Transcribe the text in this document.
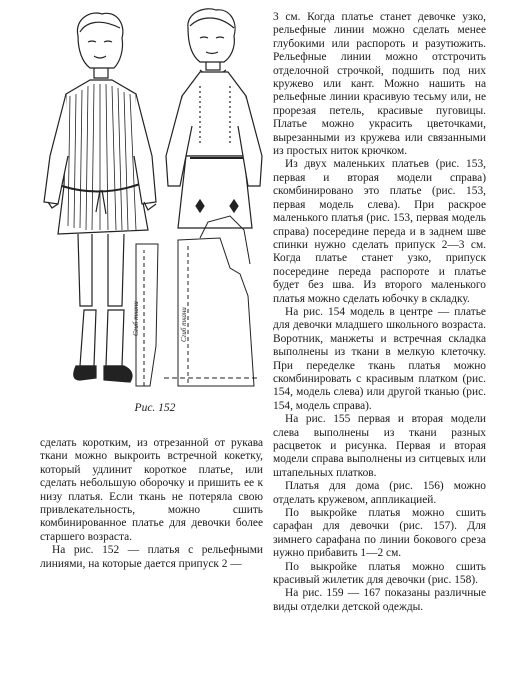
Сгиб ткани	Сгиб ткани
Рис. 152

3 см. Когда платье станет девочке узко, рельефные линии можно сделать менее глубокими или распороть и разутюжить. Рельефные линии можно отстрочить отделочной строчкой, подшить под них кружево или кант. Можно нашить на рельефные линии красивую тесьму или, не прорезая петель, красивые пуговицы. Платье можно украсить цветочками, вырезанными из кружева или связанными из простых ниток крючком.

Из двух маленьких платьев (рис. 153, первая и вторая модели справа) скомбинировано это платье (рис. 153, первая модель слева). При раскрое маленького платья (рис. 153, первая модель справа) посередине переда и в заднем шве спинки нужно сделать припуск 2—3 см. Когда платье станет узко, припуск посередине переда распороте и платье будет без шва. Из второго маленького платья можно сделать юбочку в складку.

На рис. 154 модель в центре — платье для девочки младшего школьного возраста. Воротник, манжеты и встречная складка выполнены из ткани в мелкую клеточку. При переделке ткань платья можно скомбинировать с красивым платком (рис. 154, модель слева) или другой тканью (рис. 154, модель справа).

На рис. 155 первая и вторая модели слева выполнены из ткани разных расцветок и рисунка. Первая и вторая модели справа выполнены из ситцевых или штапельных платков.

Платья для дома (рис. 156) можно отделать кружевом, аппликацией.

По выкройке платья можно сшить сарафан для девочки (рис. 157). Для зимнего сарафана по линии бокового среза нужно прибавить 1—2 см.

По выкройке платья можно сшить красивый жилетик для девочки (рис. 158).

На рис. 159 — 167 показаны различные виды отделки детской одежды.

сделать коротким, из отрезанной от рукава ткани можно выкроить встречной кокетку, который удлинит короткое платье, или сделать небольшую оборочку и пришить ее к низу платья. Если ткань не потеряла свою привлекательность, можно сшить комбинированное платье для девочки более старшего возраста.

На рис. 152 — платья с рельефными линиями, на которые дается припуск 2 —
